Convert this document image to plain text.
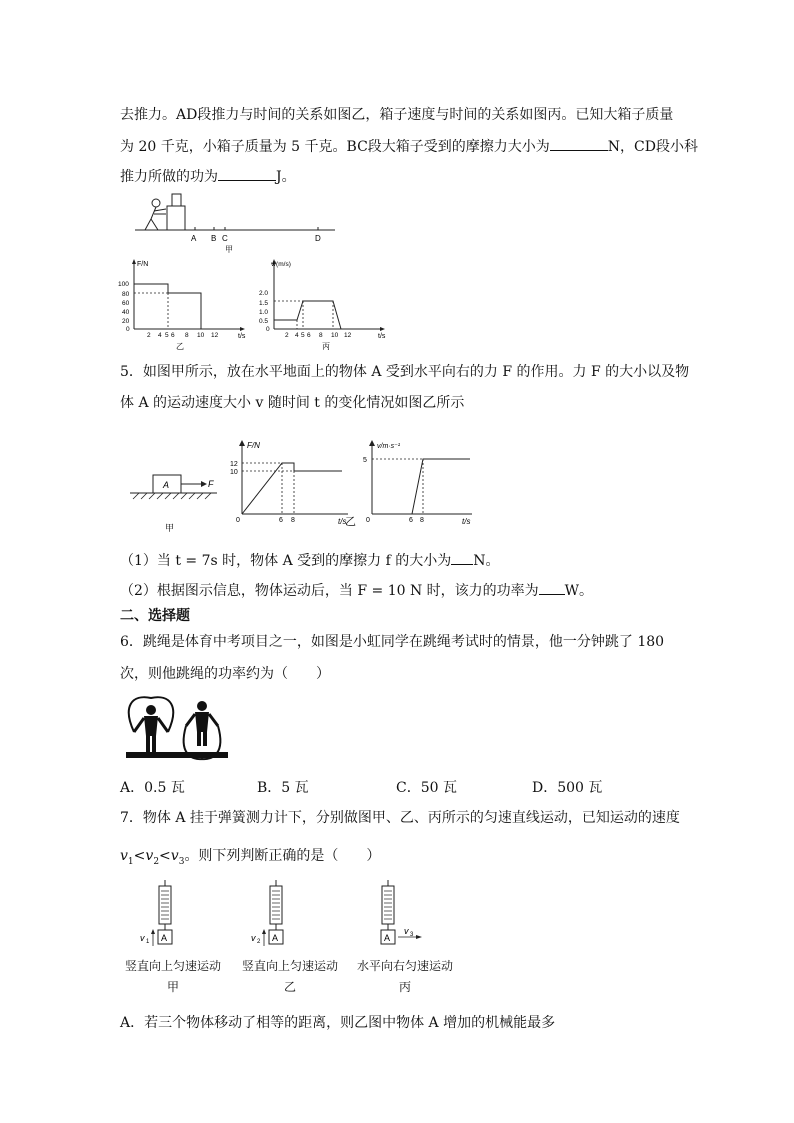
去推力。AD段推力与时间的关系如图乙，箱子速度与时间的关系如图丙。已知大箱子质量
为 20 千克，小箱子质量为 5 千克。BC段大箱子受到的摩擦力大小为	N，CD段小科
推力所做的功为	J。
A B C	D
甲
F/N
t/s
100
80
60
40
20
0
2 4 5 6 8 10 12
乙
v/(m/s)
t/s
2.0
1.5
1.0
0.5
0
2 4 5 6 8 10 12
丙
5．如图甲所示，放在水平地面上的物体 A 受到水平向右的力 F 的作用。力 F 的大小以及物
体 A 的运动速度大小 v 随时间 t 的变化情况如图乙所示
A	F
甲
F/N
t/s
12
10
0	6 8	乙
v/m·s⁻¹
t/s
5
0	6 8
（1）当 t = 7s 时，物体 A 受到的摩擦力 f 的大小为 N。
（2）根据图示信息，物体运动后，当 F = 10 N 时，该力的功率为 W。
二、选择题
6．跳绳是体育中考项目之一，如图是小虹同学在跳绳考试时的情景，他一分钟跳了 180
次，则他跳绳的功率约为（　　）
A．0.5 瓦	B．5 瓦	C．50 瓦	D．500 瓦
7．物体 A 挂于弹簧测力计下，分别做图甲、乙、丙所示的匀速直线运动，已知运动的速度
$v_1<v_2<v_3$。则下列判断正确的是（　　）
A
v 1	A
v 2	A
v 3
竖直向上匀速运动	竖直向上匀速运动	水平向右匀速运动
甲	乙	丙
A．若三个物体移动了相等的距离，则乙图中物体 A 增加的机械能最多
